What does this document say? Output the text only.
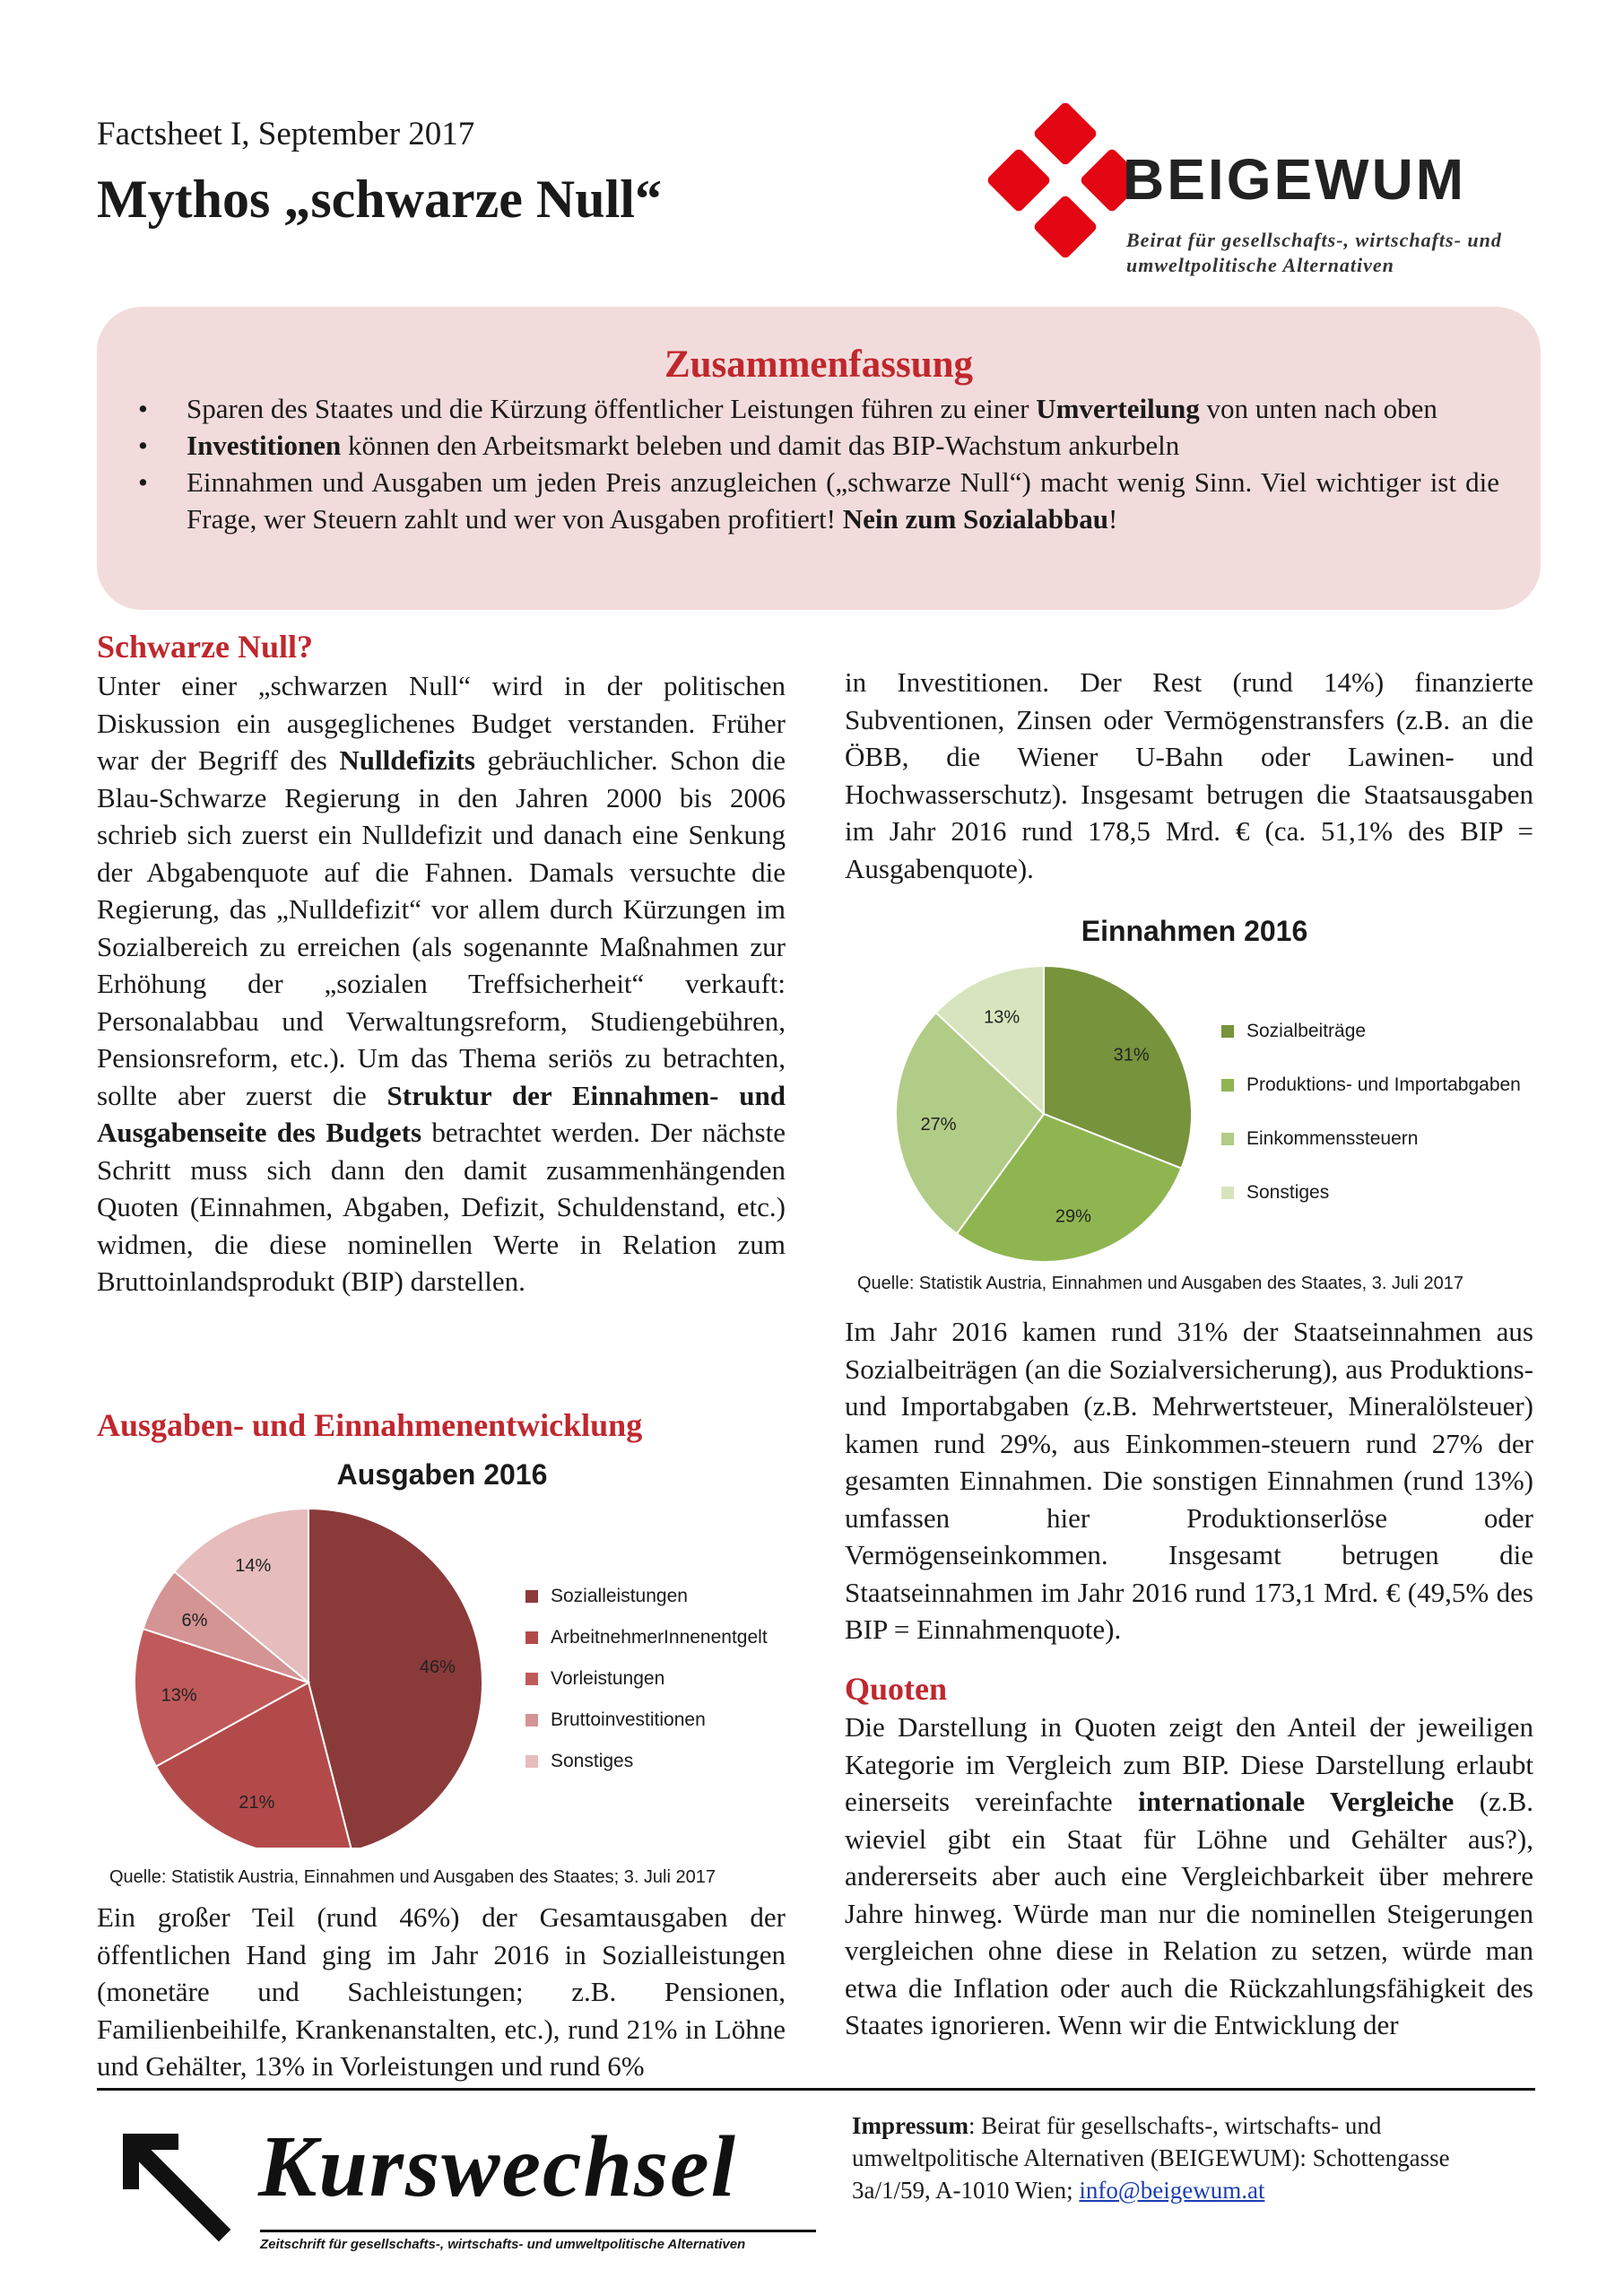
Factsheet I, September 2017
Mythos „schwarze Null“	BEIGEWUM
Beirat für gesellschafts-, wirtschafts- und
umweltpolitische Alternativen
Zusammenfassung
• Sparen des Staates und die Kürzung öffentlicher Leistungen führen zu einer Umverteilung von unten nach oben
• Investitionen können den Arbeitsmarkt beleben und damit das BIP-Wachstum ankurbeln
• Einnahmen und Ausgaben um jeden Preis anzugleichen („schwarze Null“) macht wenig Sinn. Viel wichtiger ist die Frage, wer Steuern zahlt und wer von Ausgaben profitiert! Nein zum Sozialabbau!
Schwarze Null?

Unter einer „schwarzen Null“ wird in der politischen Diskussion ein ausgeglichenes Budget verstanden. Früher war der Begriff des Nulldefizits gebräuchlicher. Schon die Blau-Schwarze Regierung in den Jahren 2000 bis 2006 schrieb sich zuerst ein Nulldefizit und danach eine Senkung der Abgabenquote auf die Fahnen. Damals versuchte die Regierung, das „Nulldefizit“ vor allem durch Kürzungen im Sozialbereich zu erreichen (als sogenannte Maßnahmen zur Erhöhung der „sozialen Treffsicherheit“ verkauft: Personalabbau und Verwaltungsreform, Studiengebühren, Pensionsreform, etc.). Um das Thema seriös zu betrachten, sollte aber zuerst die Struktur der Einnahmen- und Ausgabenseite des Budgets betrachtet werden. Der nächste Schritt muss sich dann den damit zusammenhängenden Quoten (Einnahmen, Abgaben, Defizit, Schuldenstand, etc.) widmen, die diese nominellen Werte in Relation zum Bruttoinlandsprodukt (BIP) darstellen.

Ausgaben- und Einnahmenentwicklung
Ausgaben 2016
46%
21%
13%
6%
14%
Sozialleistungen
ArbeitnehmerInnenentgelt
Vorleistungen
Bruttoinvestitionen
Sonstiges
Quelle: Statistik Austria, Einnahmen und Ausgaben des Staates; 3. Juli 2017

Ein großer Teil (rund 46%) der Gesamtausgaben der öffentlichen Hand ging im Jahr 2016 in Sozialleistungen (monetäre und Sachleistungen; z.B. Pensionen, Familienbeihilfe, Krankenanstalten, etc.), rund 21% in Löhne und Gehälter, 13% in Vorleistungen und rund 6%

in Investitionen. Der Rest (rund 14%) finanzierte Subventionen, Zinsen oder Vermögenstransfers (z.B. an die ÖBB, die Wiener U-Bahn oder Lawinen- und Hochwasserschutz). Insgesamt betrugen die Staatsausgaben im Jahr 2016 rund 178,5 Mrd. € (ca. 51,1% des BIP = Ausgabenquote).

Einnahmen 2016
31%
29%
27%
13%
Sozialbeiträge
Produktions- und Importabgaben
Einkommenssteuern
Sonstiges
Quelle: Statistik Austria, Einnahmen und Ausgaben des Staates, 3. Juli 2017

Im Jahr 2016 kamen rund 31% der Staatseinnahmen aus Sozialbeiträgen (an die Sozialversicherung), aus Produktions- und Importabgaben (z.B. Mehrwertsteuer, Mineralölsteuer) kamen rund 29%, aus Einkommen-steuern rund 27% der gesamten Einnahmen. Die sonstigen Einnahmen (rund 13%) umfassen hier Produktionserlöse oder Vermögenseinkommen. Insgesamt betrugen die Staatseinnahmen im Jahr 2016 rund 173,1 Mrd. € (49,5% des BIP = Einnahmenquote).

Quoten

Die Darstellung in Quoten zeigt den Anteil der jeweiligen Kategorie im Vergleich zum BIP. Diese Darstellung erlaubt einerseits vereinfachte internationale Vergleiche (z.B. wieviel gibt ein Staat für Löhne und Gehälter aus?), andererseits aber auch eine Vergleichbarkeit über mehrere Jahre hinweg. Würde man nur die nominellen Steigerungen vergleichen ohne diese in Relation zu setzen, würde man etwa die Inflation oder auch die Rückzahlungsfähigkeit des Staates ignorieren. Wenn wir die Entwicklung der

Kurswechsel
Zeitschrift für gesellschafts-, wirtschafts- und umweltpolitische Alternativen

Impressum: Beirat für gesellschafts-, wirtschafts- und umweltpolitische Alternativen (BEIGEWUM): Schottengasse 3a/1/59, A-1010 Wien; info@beigewum.at
